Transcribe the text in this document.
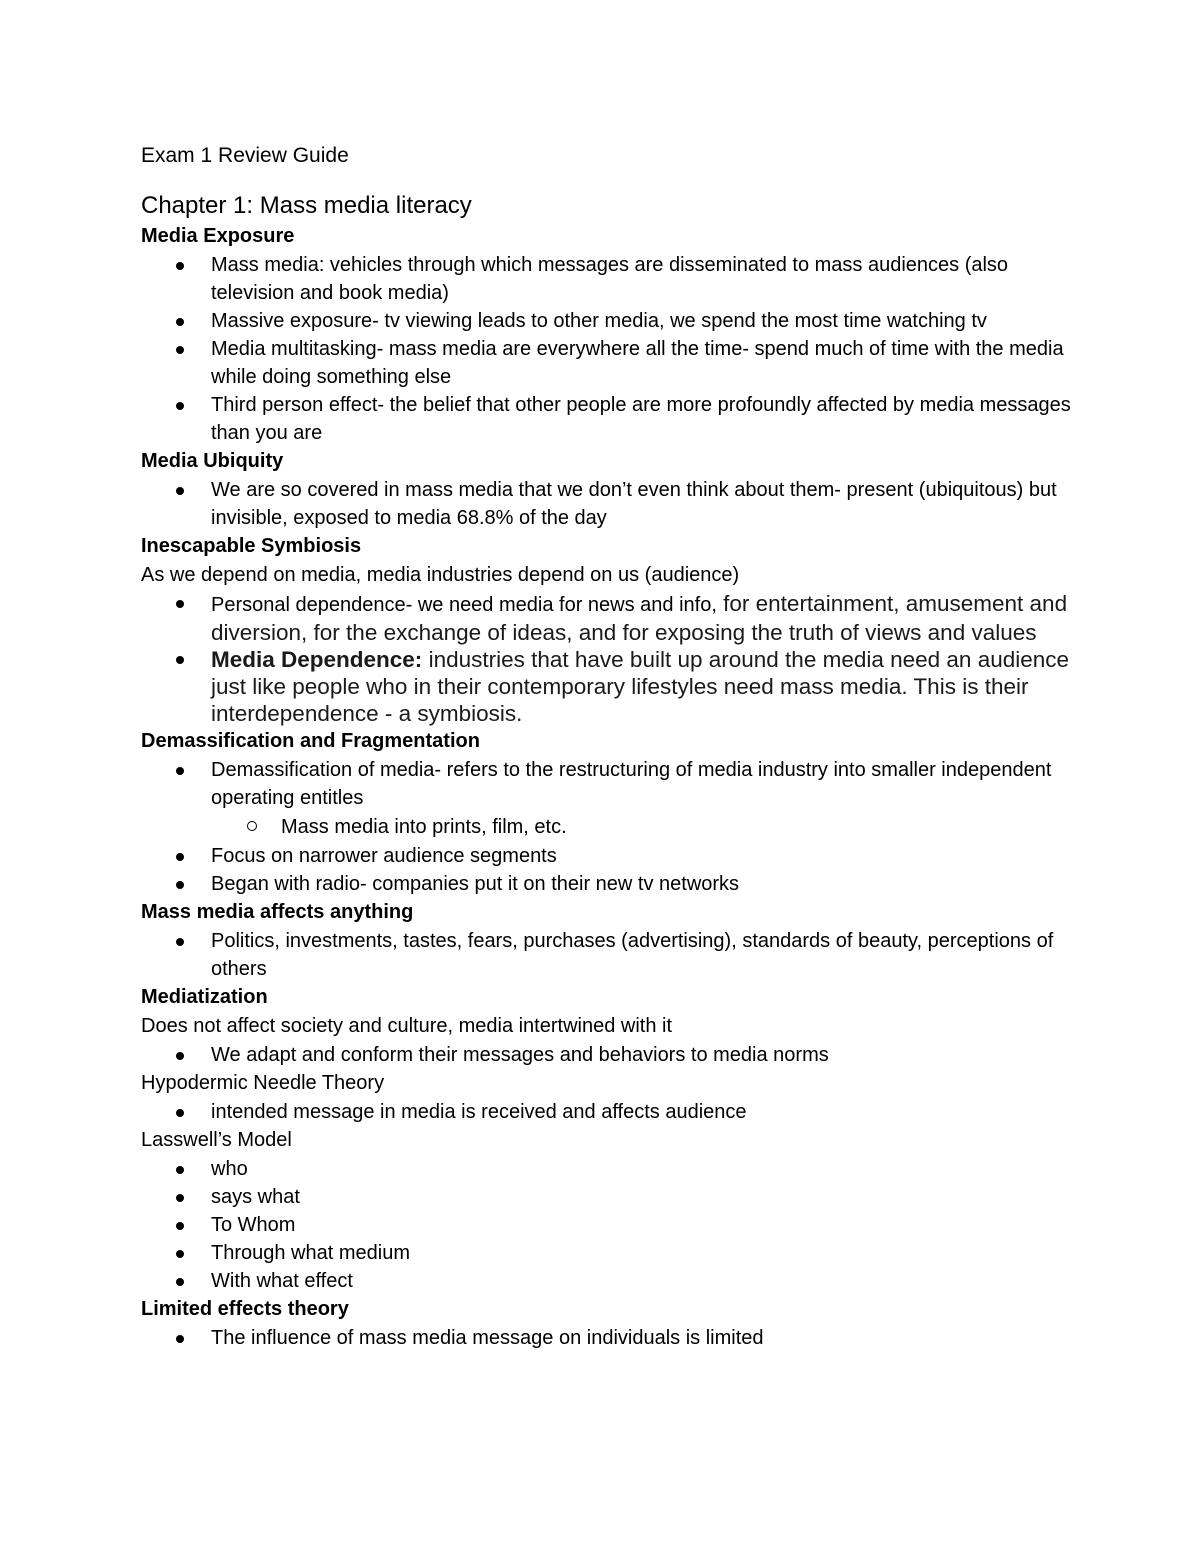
Exam 1 Review Guide

Chapter 1: Mass media literacy

Media Exposure

Mass media: vehicles through which messages are disseminated to mass audiences (also television and book media)
Massive exposure- tv viewing leads to other media, we spend the most time watching tv
Media multitasking- mass media are everywhere all the time- spend much of time with the media while doing something else
Third person effect- the belief that other people are more profoundly affected by media messages than you are

Media Ubiquity

We are so covered in mass media that we don’t even think about them- present (ubiquitous) but invisible, exposed to media 68.8% of the day

Inescapable Symbiosis

As we depend on media, media industries depend on us (audience)

Personal dependence- we need media for news and info, for entertainment, amusement and diversion, for the exchange of ideas, and for exposing the truth of views and values
Media Dependence: industries that have built up around the media need an audience just like people who in their contemporary lifestyles need mass media. This is their interdependence - a symbiosis.

Demassification and Fragmentation

Demassification of media- refers to the restructuring of media industry into smaller independent operating entitles
Mass media into prints, film, etc.
Focus on narrower audience segments
Began with radio- companies put it on their new tv networks

Mass media affects anything

Politics, investments, tastes, fears, purchases (advertising), standards of beauty, perceptions of others

Mediatization

Does not affect society and culture, media intertwined with it

We adapt and conform their messages and behaviors to media norms

Hypodermic Needle Theory

intended message in media is received and affects audience

Lasswell’s Model

who
says what
To Whom
Through what medium
With what effect

Limited effects theory

The influence of mass media message on individuals is limited
